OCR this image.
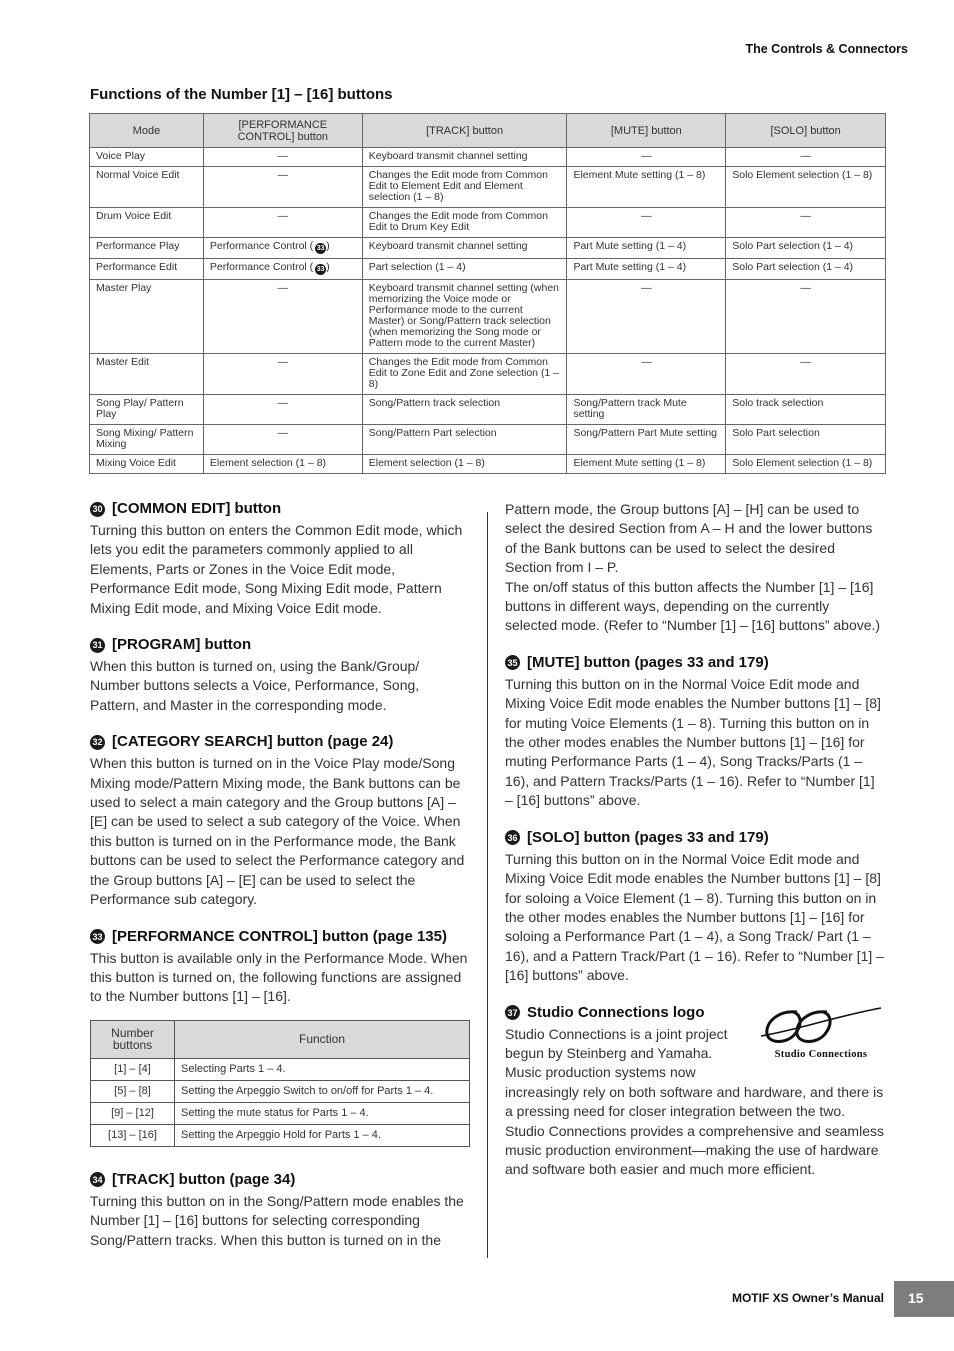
The Controls & Connectors
Functions of the Number [1] – [16] buttons
Mode	[PERFORMANCE CONTROL] button	[TRACK] button	[MUTE] button	[SOLO] button
Voice Play	—	Keyboard transmit channel setting	—	—
Normal Voice Edit	—	Changes the Edit mode from Common Edit to Element Edit and Element selection (1 – 8)	Element Mute setting (1 – 8)	Solo Element selection (1 – 8)
Drum Voice Edit	—	Changes the Edit mode from Common Edit to Drum Key Edit	—	—
Performance Play	Performance Control ( 33 )	Keyboard transmit channel setting	Part Mute setting (1 – 4)	Solo Part selection (1 – 4)
Performance Edit	Performance Control ( 33 )	Part selection (1 – 4)	Part Mute setting (1 – 4)	Solo Part selection (1 – 4)
Master Play	—	Keyboard transmit channel setting (when memorizing the Voice mode or Performance mode to the current Master) or Song/Pattern track selection (when memorizing the Song mode or Pattern mode to the current Master)	—	—
Master Edit	—	Changes the Edit mode from Common Edit to Zone Edit and Zone selection (1 – 8)	—	—
Song Play/ Pattern Play	—	Song/Pattern track selection	Song/Pattern track Mute setting	Solo track selection
Song Mixing/ Pattern Mixing	—	Song/Pattern Part selection	Song/Pattern Part Mute setting	Solo Part selection
Mixing Voice Edit	Element selection (1 – 8)	Element selection (1 – 8)	Element Mute setting (1 – 8)	Solo Element selection (1 – 8)
30 [COMMON EDIT] button

Turning this button on enters the Common Edit mode, which lets you edit the parameters commonly applied to all Elements, Parts or Zones in the Voice Edit mode, Performance Edit mode, Song Mixing Edit mode, Pattern Mixing Edit mode, and Mixing Voice Edit mode.

31 [PROGRAM] button

When this button is turned on, using the Bank/Group/ Number buttons selects a Voice, Performance, Song, Pattern, and Master in the corresponding mode.

32 [CATEGORY SEARCH] button (page 24)

When this button is turned on in the Voice Play mode/Song Mixing mode/Pattern Mixing mode, the Bank buttons can be used to select a main category and the Group buttons [A] – [E] can be used to select a sub category of the Voice. When this button is turned on in the Performance mode, the Bank buttons can be used to select the Performance category and the Group buttons [A] – [E] can be used to select the Performance sub category.

33 [PERFORMANCE CONTROL] button (page 135)

This button is available only in the Performance Mode. When this button is turned on, the following functions are assigned to the Number buttons [1] – [16].

Number buttons	Function
[1] – [4]	Selecting Parts 1 – 4.
[5] – [8]	Setting the Arpeggio Switch to on/off for Parts 1 – 4.
[9] – [12]	Setting the mute status for Parts 1 – 4.
[13] – [16]	Setting the Arpeggio Hold for Parts 1 – 4.
34 [TRACK] button (page 34)

Turning this button on in the Song/Pattern mode enables the Number [1] – [16] buttons for selecting corresponding Song/Pattern tracks. When this button is turned on in the

Pattern mode, the Group buttons [A] – [H] can be used to select the desired Section from A – H and the lower buttons of the Bank buttons can be used to select the desired Section from I – P.

The on/off status of this button affects the Number [1] – [16] buttons in different ways, depending on the currently selected mode. (Refer to “Number [1] – [16] buttons” above.)

35 [MUTE] button (pages 33 and 179)

Turning this button on in the Normal Voice Edit mode and Mixing Voice Edit mode enables the Number buttons [1] – [8] for muting Voice Elements (1 – 8). Turning this button on in the other modes enables the Number buttons [1] – [16] for muting Performance Parts (1 – 4), Song Tracks/Parts (1 – 16), and Pattern Tracks/Parts (1 – 16). Refer to “Number [1] – [16] buttons” above.

36 [SOLO] button (pages 33 and 179)

Turning this button on in the Normal Voice Edit mode and Mixing Voice Edit mode enables the Number buttons [1] – [8] for soloing a Voice Element (1 – 8). Turning this button on in the other modes enables the Number buttons [1] – [16] for soloing a Performance Part (1 – 4), a Song Track/ Part (1 – 16), and a Pattern Track/Part (1 – 16). Refer to “Number [1] – [16] buttons” above.

Studio Connections
37 Studio Connections logo

Studio Connections is a joint project begun by Steinberg and Yamaha. Music production systems now increasingly rely on both software and hardware, and there is a pressing need for closer integration between the two. Studio Connections provides a comprehensive and seamless music production environment—making the use of hardware and software both easier and much more efficient.

MOTIF XS Owner’s Manual	15
